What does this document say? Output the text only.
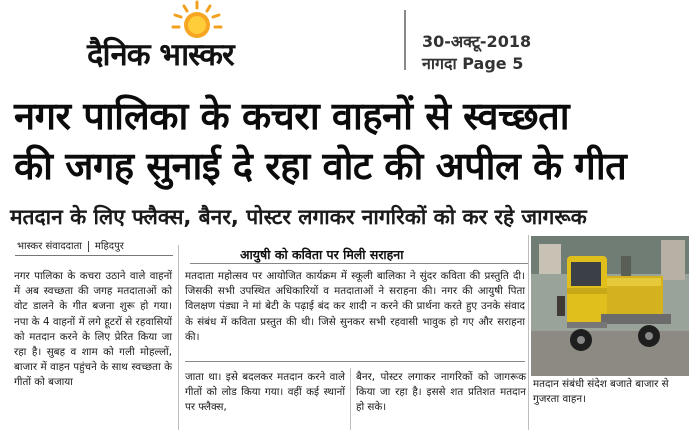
दैनिक भास्कर	30-अक्टू-2018
नागदा Page 5
नगर पालिका के कचरा वाहनों से स्वच्छता
की जगह सुनाई दे रहा वोट की अपील के गीत
मतदान के लिए फ्लैक्स, बैनर, पोस्टर लगाकर नागरिकों को कर रहे जागरूक
भास्कर संवाददाता महिदपुर
नगर पालिका के कचरा उठाने वाले वाहनों में अब स्वच्छता की जगह मतदाताओं को वोट डालने के गीत बजना शुरू हो गया। नपा के 4 वाहनों में लगे हूटरों से रहवासियों को मतदान करने के लिए प्रेरित किया जा रहा है। सुबह व शाम को गली मोहल्लों, बाजार में वाहन पहुंचने के साथ स्वच्छता के गीतों को बजाया
आयुषी को कविता पर मिली सराहना
मतदाता महोत्सव पर आयोजित कार्यक्रम में स्कूली बालिका ने सुंदर कविता की प्रस्तुति दी। जिसकी सभी उपस्थित अधिकारियों व मतदाताओं ने सराहना की। नगर की आयुषी पिता विलक्षण पंड्या ने मां बेटी के पढ़ाई बंद कर शादी न करने की प्रार्थना करते हुए उनके संवाद के संबंध में कविता प्रस्तुत की थी। जिसे सुनकर सभी रहवासी भावुक हो गए और सराहना की।
जाता था। इसे बदलकर मतदान करने वाले गीतों को लोड किया गया। वहीं कई स्थानों पर फ्लैक्स,
बैनर, पोस्टर लगाकर नागरिकों को जागरूक किया जा रहा है। इससे शत प्रतिशत मतदान हो सके।
मतदान संबंधी संदेश बजाते बाजार से गुजरता वाहन।
